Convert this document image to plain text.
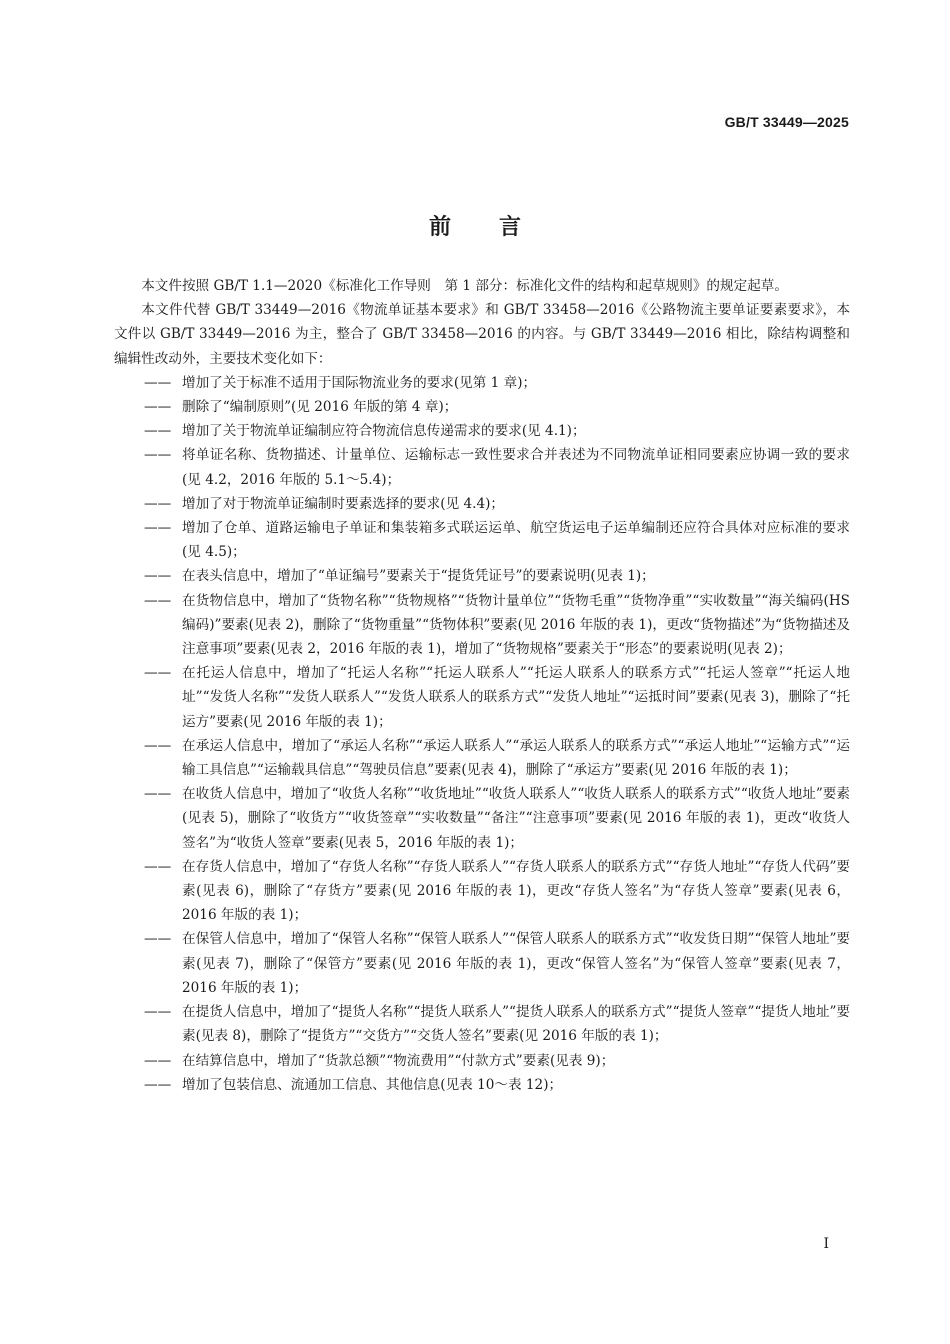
GB/T 33449—2025
前言

本文件按照 GB/T 1.1—2020《标准化工作导则　第 1 部分：标准化文件的结构和起草规则》的规定起草。

本文件代替 GB/T 33449—2016《物流单证基本要求》和 GB/T 33458—2016《公路物流主要单证要素要求》，本文件以 GB/T 33449—2016 为主，整合了 GB/T 33458—2016 的内容。与 GB/T 33449—2016 相比，除结构调整和编辑性改动外，主要技术变化如下：

—— 增加了关于标准不适用于国际物流业务的要求(见第 1 章)；
—— 删除了“编制原则”(见 2016 年版的第 4 章)；
—— 增加了关于物流单证编制应符合物流信息传递需求的要求(见 4.1)；
—— 将单证名称、货物描述、计量单位、运输标志一致性要求合并表述为不同物流单证相同要素应协调一致的要求(见 4.2，2016 年版的 5.1～5.4)；
—— 增加了对于物流单证编制时要素选择的要求(见 4.4)；
—— 增加了仓单、道路运输电子单证和集装箱多式联运运单、航空货运电子运单编制还应符合具体对应标准的要求(见 4.5)；
—— 在表头信息中，增加了“单证编号”要素关于“提货凭证号”的要素说明(见表 1)；
—— 在货物信息中，增加了“货物名称”“货物规格”“货物计量单位”“货物毛重”“货物净重”“实收数量”“海关编码(HS 编码)”要素(见表 2)，删除了“货物重量”“货物体积”要素(见 2016 年版的表 1)，更改“货物描述”为“货物描述及注意事项”要素(见表 2，2016 年版的表 1)，增加了“货物规格”要素关于“形态”的要素说明(见表 2)；
—— 在托运人信息中，增加了“托运人名称”“托运人联系人”“托运人联系人的联系方式”“托运人签章”“托运人地址”“发货人名称”“发货人联系人”“发货人联系人的联系方式”“发货人地址”“运抵时间”要素(见表 3)，删除了“托运方”要素(见 2016 年版的表 1)；
—— 在承运人信息中，增加了“承运人名称”“承运人联系人”“承运人联系人的联系方式”“承运人地址”“运输方式”“运输工具信息”“运输载具信息”“驾驶员信息”要素(见表 4)，删除了“承运方”要素(见 2016 年版的表 1)；
—— 在收货人信息中，增加了“收货人名称”“收货地址”“收货人联系人”“收货人联系人的联系方式”“收货人地址”要素(见表 5)，删除了“收货方”“收货签章”“实收数量”“备注”“注意事项”要素(见 2016 年版的表 1)，更改“收货人签名”为“收货人签章”要素(见表 5，2016 年版的表 1)；
—— 在存货人信息中，增加了“存货人名称”“存货人联系人”“存货人联系人的联系方式”“存货人地址”“存货人代码”要素(见表 6)，删除了“存货方”要素(见 2016 年版的表 1)，更改“存货人签名”为“存货人签章”要素(见表 6，2016 年版的表 1)；
—— 在保管人信息中，增加了“保管人名称”“保管人联系人”“保管人联系人的联系方式”“收发货日期”“保管人地址”要素(见表 7)，删除了“保管方”要素(见 2016 年版的表 1)，更改“保管人签名”为“保管人签章”要素(见表 7，2016 年版的表 1)；
—— 在提货人信息中，增加了“提货人名称”“提货人联系人”“提货人联系人的联系方式”“提货人签章”“提货人地址”要素(见表 8)，删除了“提货方”“交货方”“交货人签名”要素(见 2016 年版的表 1)；
—— 在结算信息中，增加了“货款总额”“物流费用”“付款方式”要素(见表 9)；
—— 增加了包装信息、流通加工信息、其他信息(见表 10～表 12)；
I
